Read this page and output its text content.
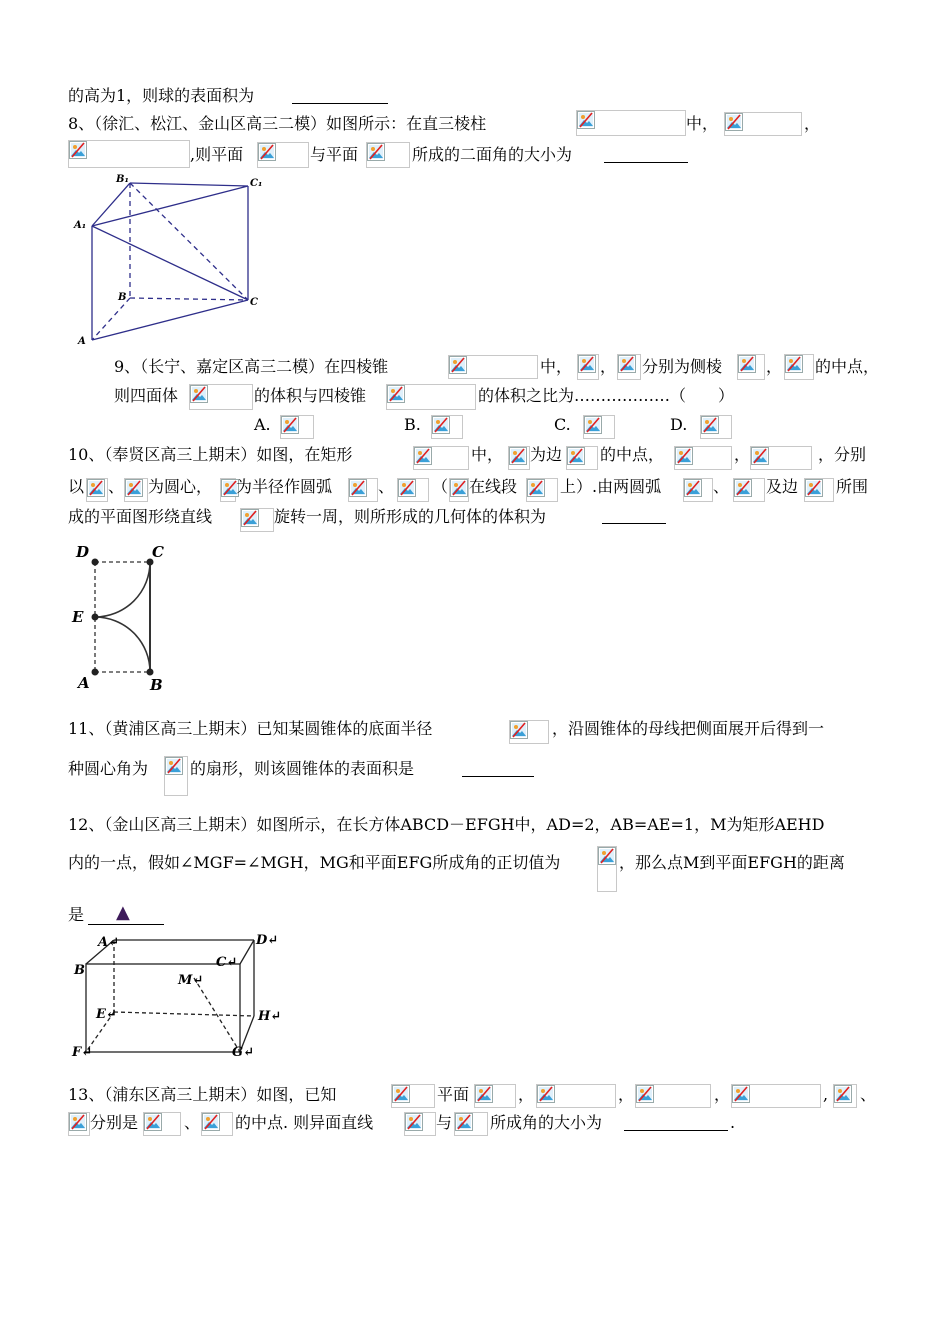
的高为1，则球的表面积为
8、（徐汇、松江、金山区高三二模）如图所示：在直三棱柱	中，	，
,则平面	与平面	所成的二面角的大小为
B₁	C₁
A₁
B	C
A
9、（长宁、嘉定区高三二模）在四棱锥	中， ， 分别为侧棱	， 的中点，
则四面体	的体积与四棱锥	的体积之比为………………（　　）
A.	B.	C.	D.
10、（奉贤区高三上期末）如图，在矩形	中， 为边 的中点，	，	，分别
以 、 为圆心， 为半径作圆弧	、 （ 在线段	上）.由两圆弧	、 及边 所围
成的平面图形绕直线	旋转一周，则所形成的几何体的体积为
D	C
E
A	B
11、（黄浦区高三上期末）已知某圆锥体的底面半径	，沿圆锥体的母线把侧面展开后得到一
种圆心角为	的扇形，则该圆锥体的表面积是
12、（金山区高三上期末）如图所示，在长方体ABCD－EFGH中，AD=2，AB=AE=1，M为矩形AEHD
内的一点，假如∠MGF=∠MGH，MG和平面EFG所成角的正切值为	，那么点M到平面EFGH的距离
是 ▲
A↵	D↵
B
C↵
M↵
E↵	H↵
F↵	G↵
13、（浦东区高三上期末）如图，已知	平面	，	，	，	, 、
分别是	、 的中点. 则异面直线	与 所成角的大小为	.
